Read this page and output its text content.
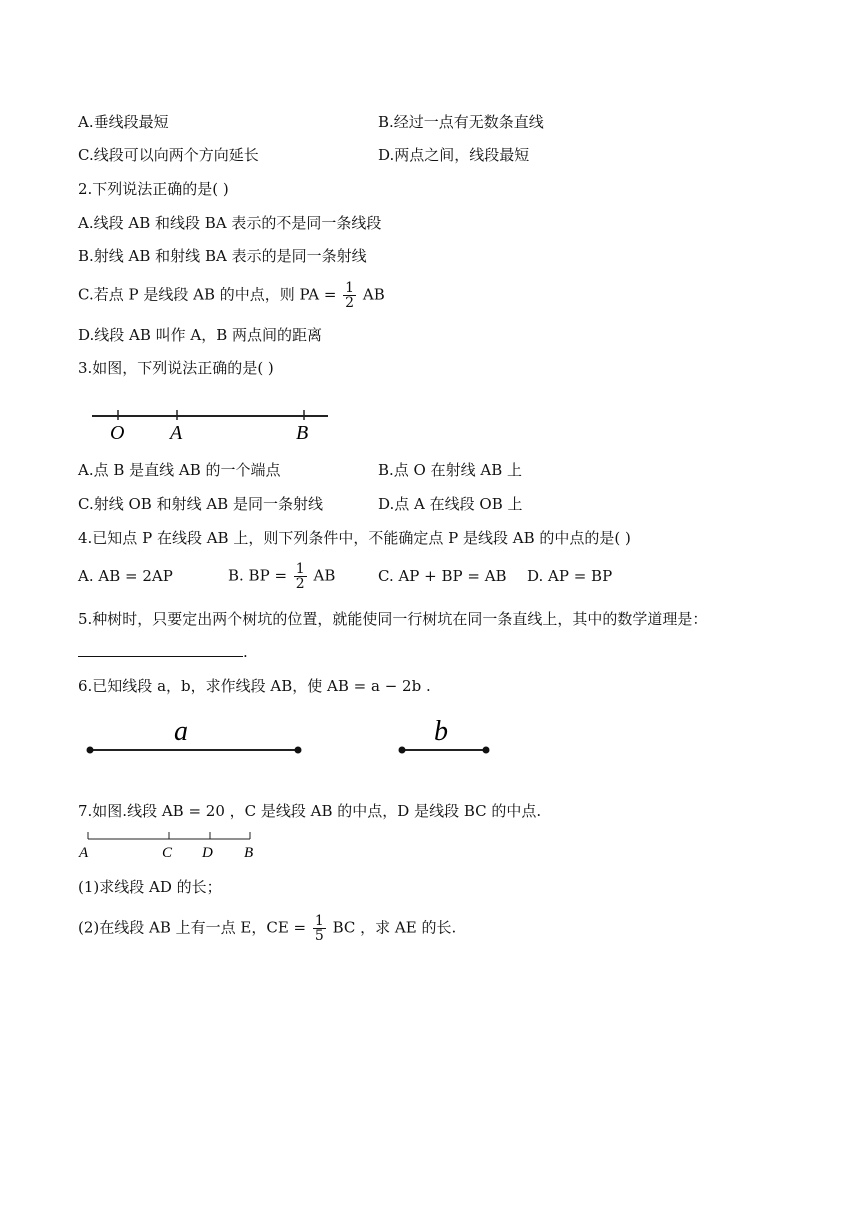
A.垂线段最短	B.经过一点有无数条直线
C.线段可以向两个方向延长	D.两点之间，线段最短
2.下列说法正确的是( )
A.线段 AB 和线段 BA 表示的不是同一条线段
B.射线 AB 和射线 BA 表示的是同一条射线
C.若点 P 是线段 AB 的中点，则 PA = $\frac{1}{2}$ AB
D.线段 AB 叫作 A，B 两点间的距离
3.如图，下列说法正确的是( )
O A	B
A.点 B 是直线 AB 的一个端点	B.点 O 在射线 AB 上
C.射线 OB 和射线 AB 是同一条射线	D.点 A 在线段 OB 上
4.已知点 P 在线段 AB 上，则下列条件中，不能确定点 P 是线段 AB 的中点的是( )
A. AB = 2AP	B. BP = $\frac{1}{2}$ AB	C. AP + BP = AB D. AP = BP
5.种树时，只要定出两个树坑的位置，就能使同一行树坑在同一条直线上，其中的数学道理是：
.
6.已知线段 a，b，求作线段 AB，使 AB = a − 2b .
a	b
7.如图.线段 AB = 20 ，C 是线段 AB 的中点，D 是线段 BC 的中点.
A	C D B
(1)求线段 AD 的长；
(2)在线段 AB 上有一点 E，CE = $\frac{1}{5}$ BC ，求 AE 的长.
